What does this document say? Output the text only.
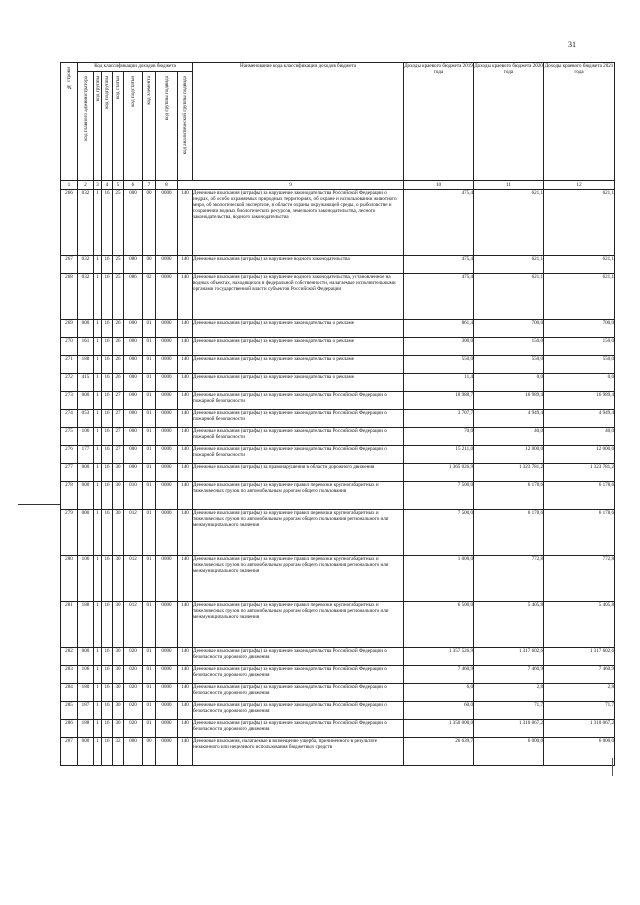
31
№ строки	Код классификации доходов бюджета								Наименование кода классификации доходов бюджета	Доходы краевого бюджета 2019 года	Доходы краевого бюджета 2020 года	Доходы краевого бюджета 2021 года

	код главного администратора	код группы	код подгруппы	код статьи	код подстатьи	код элемента	код группы подвида	код аналитической группы подвида				

1	2	3	4	5	6	7	8	9		10	11	12
266	032	1	16	25	000	00	0000	140	Денежные взыскания (штрафы) за нарушение законодательства Российской Федерации о недрах, об особо охраняемых природных территориях, об охране и использовании животного мира, об экологической экспертизе, в области охраны окружающей среды, о рыболовстве и сохранении водных биологических ресурсов, земельного законодательства, лесного законодательства, водного законодательства	475,4	621,1	621,1
267	032	1	16	25	080	00	0000	140	Денежные взыскания (штрафы) за нарушение водного законодательства	475,4	621,1	621,1
268	032	1	16	25	086	02	0000	140	Денежные взыскания (штрафы) за нарушение водного законодательства, установленное на водных объектах, находящихся в федеральной собственности, налагаемые исполнительными органами государственной власти субъектов Российской Федерации	475,4	621,1	621,1
269	000	1	16	26	000	01	0000	140	Денежные взыскания (штрафы) за нарушение законодательства о рекламе	861,4	700,0	700,0
270	161	1	16	26	000	01	0000	140	Денежные взыскания (штрафы) за нарушение законодательства о рекламе	300,0	150,0	150,0
271	188	1	16	26	000	01	0000	140	Денежные взыскания (штрафы) за нарушение законодательства о рекламе	550,0	550,0	550,0
272	415	1	16	26	000	01	0000	140	Денежные взыскания (штрафы) за нарушение законодательства о рекламе	11,4	0,0	0,0
273	000	1	16	27	000	01	0000	140	Денежные взыскания (штрафы) за нарушение законодательства Российской Федерации о пожарной безопасности	18 988,7	16 989,4	16 989,4
274	053	1	16	27	000	01	0000	140	Денежные взыскания (штрафы) за нарушение законодательства Российской Федерации о пожарной безопасности	3 707,7	4 949,4	4 949,4
275	106	1	16	27	000	01	0000	140	Денежные взыскания (штрафы) за нарушение законодательства Российской Федерации о пожарной безопасности	70,0	40,0	40,0
276	177	1	16	27	000	01	0000	140	Денежные взыскания (штрафы) за нарушение законодательства Российской Федерации о пожарной безопасности	15 211,0	12 000,0	12 000,0
277	000	1	16	30	000	01	0000	140	Денежные взыскания (штрафы) за правонарушения в области дорожного движения	1 365 026,9	1 323 781,2	1 323 781,2
278	000	1	16	30	010	01	0000	140	Денежные взыскания (штрафы) за нарушение правил перевозки крупногабаритных и тяжеловесных грузов по автомобильным дорогам общего пользования	7 500,0	6 178,6	6 178,6
279	000	1	16	30	012	01	0000	140	Денежные взыскания (штрафы) за нарушение правил перевозки крупногабаритных и тяжеловесных грузов по автомобильным дорогам общего пользования регионального или межмуниципального значения	7 500,0	6 178,6	6 178,6
280	106	1	16	30	012	01	0000	140	Денежные взыскания (штрафы) за нарушение правил перевозки крупногабаритных и тяжеловесных грузов по автомобильным дорогам общего пользования регионального или межмуниципального значения	1 000,0	772,8	772,8
281	188	1	16	30	012	01	0000	140	Денежные взыскания (штрафы) за нарушение правил перевозки крупногабаритных и тяжеловесных грузов по автомобильным дорогам общего пользования регионального или межмуниципального значения	6 500,0	5 405,8	5 405,8
282	000	1	16	30	020	01	0000	140	Денежные взыскания (штрафы) за нарушение законодательства Российской Федерации о безопасности дорожного движения	1 357 526,9	1 317 602,6	1 317 602,6
283	106	1	16	30	020	01	0000	140	Денежные взыскания (штрафы) за нарушение законодательства Российской Федерации о безопасности дорожного движения	7 460,9	7 460,9	7 460,9
284	180	1	16	30	020	01	0000	140	Денежные взыскания (штрафы) за нарушение законодательства Российской Федерации о безопасности дорожного движения	6,0	2,8	2,8
285	187	1	16	30	020	01	0000	140	Денежные взыскания (штрафы) за нарушение законодательства Российской Федерации о безопасности дорожного движения	60,0	71,7	71,7
286	188	1	16	30	020	01	0000	140	Денежные взыскания (штрафы) за нарушение законодательства Российской Федерации о безопасности дорожного движения	1 350 000,0	1 310 067,2	1 310 067,2
287	000	1	16	32	000	00	0000	140	Денежные взыскания, налагаемые в возмещение ущерба, причиненного в результате незаконного или нецелевого использования бюджетных средств	26 639,7	6 000,0	6 000,0
